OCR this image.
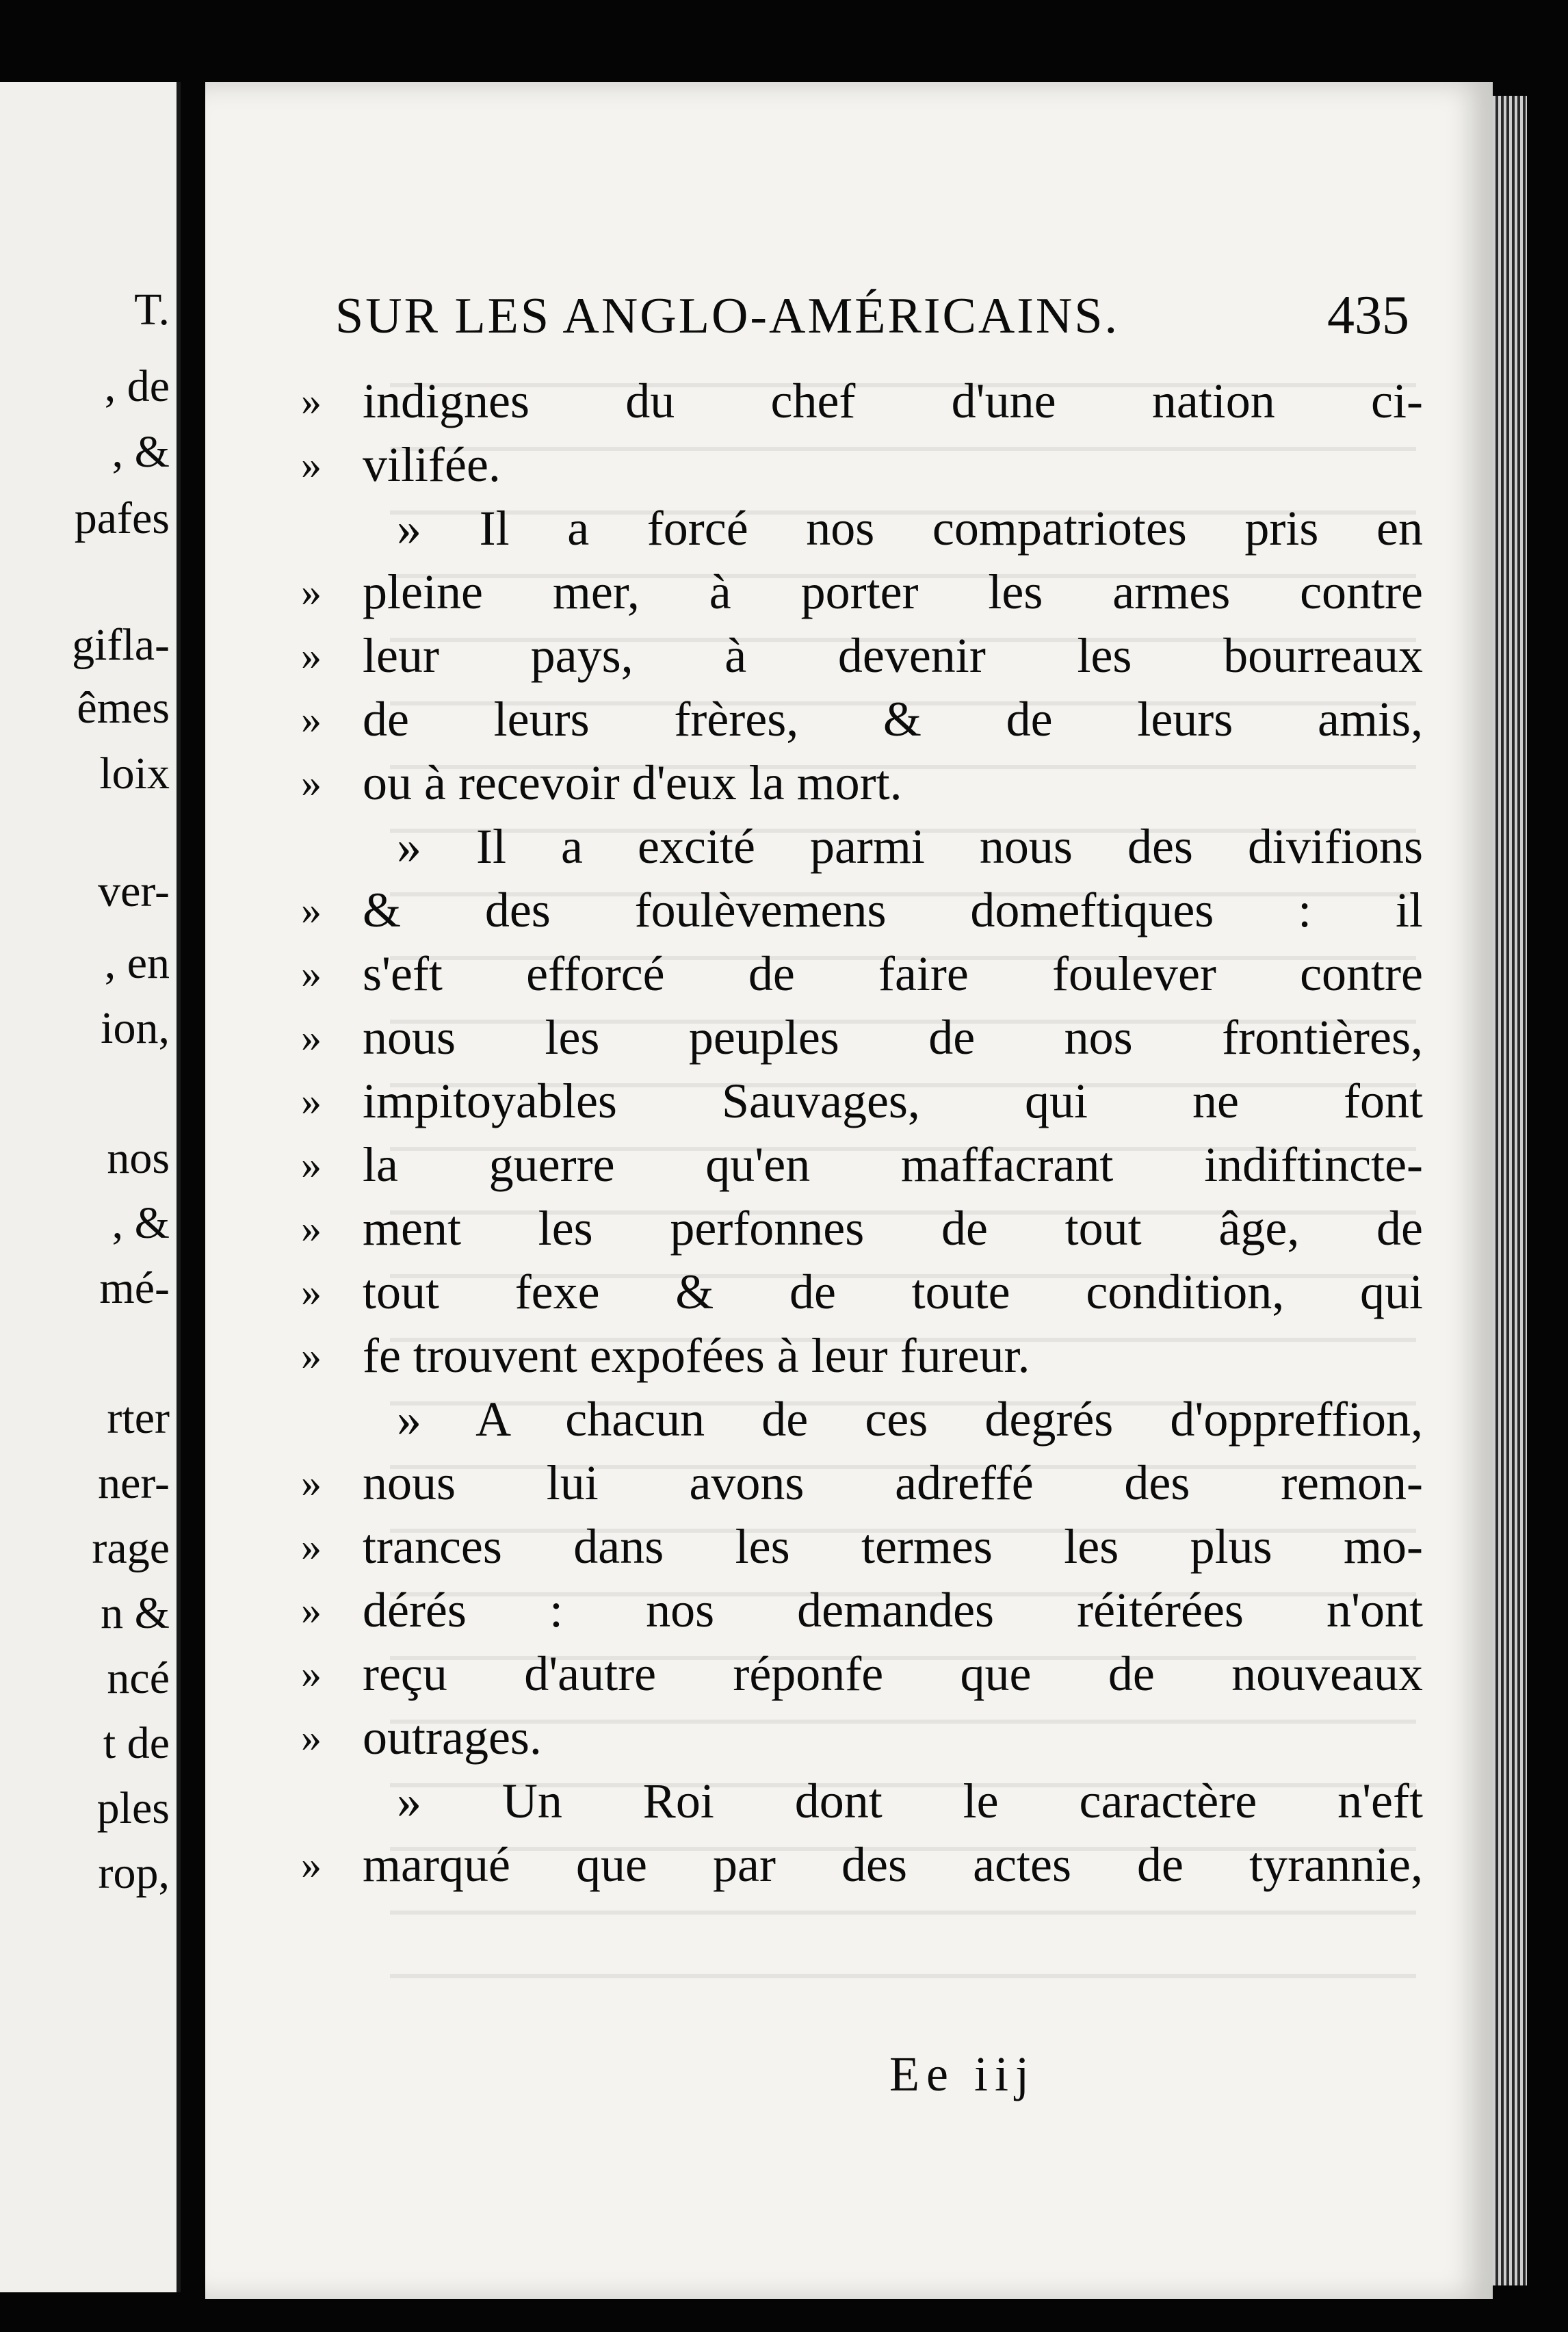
T.
, de
, &
pafes
gifla-
êmes
loix
ver-
, en
ion,
nos
, &
mé-
rter
ner-
rage
n &
ncé
t de
ples
rop,
SUR LES ANGLO-AMÉRICAINS.	435
» indignes du chef d'une nation ci-
» vilifée.
» Il a forcé nos compatriotes pris en
» pleine mer, à porter les armes contre
» leur pays, à devenir les bourreaux
» de leurs frères, & de leurs amis,
» ou à recevoir d'eux la mort.
» Il a excité parmi nous des divifions
» & des foulèvemens domeftiques : il
» s'eft efforcé de faire foulever contre
» nous les peuples de nos frontières,
» impitoyables Sauvages, qui ne font
» la guerre qu'en maffacrant indiftincte-
» ment les perfonnes de tout âge, de
» tout fexe & de toute condition, qui
» fe trouvent expofées à leur fureur.
» A chacun de ces degrés d'oppreffion,
» nous lui avons adreffé des remon-
» trances dans les termes les plus mo-
» dérés : nos demandes réitérées n'ont
» reçu d'autre réponfe que de nouveaux
» outrages.
» Un Roi dont le caractère n'eft
» marqué que par des actes de tyrannie,
Ee iij
